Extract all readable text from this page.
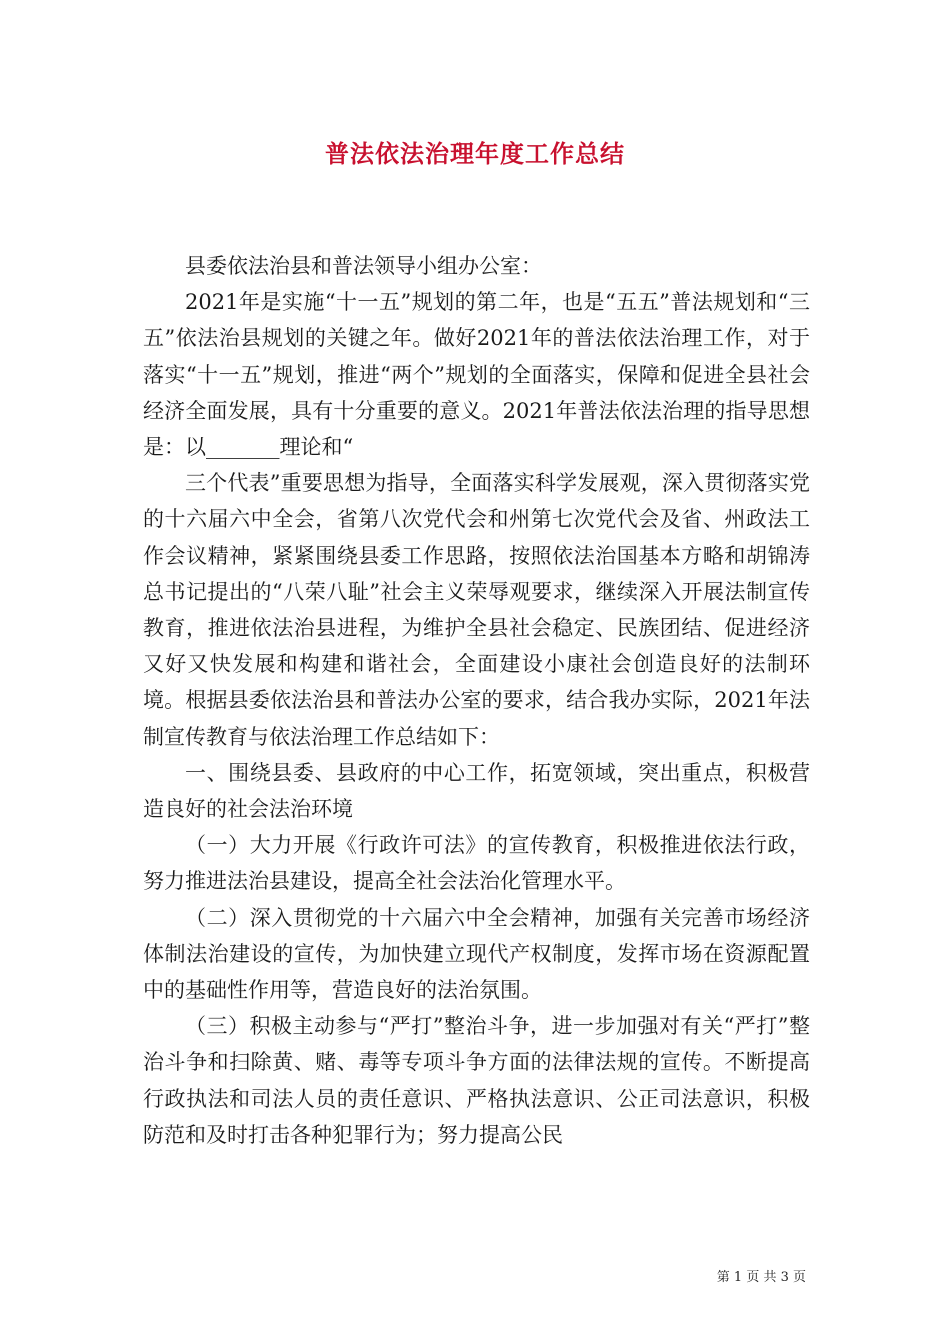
普法依法治理年度工作总结

县委依法治县和普法领导小组办公室：

2021年是实施“十一五”规划的第二年，也是“五五”普法规划和“三五”依法治县规划的关键之年。做好2021年的普法依法治理工作，对于落实“十一五”规划，推进“两个”规划的全面落实，保障和促进全县社会经济全面发展，具有十分重要的意义。2021年普法依法治理的指导思想是：以_______理论和“

三个代表”重要思想为指导，全面落实科学发展观，深入贯彻落实党的十六届六中全会，省第八次党代会和州第七次党代会及省、州政法工作会议精神，紧紧围绕县委工作思路，按照依法治国基本方略和胡锦涛总书记提出的“八荣八耻”社会主义荣辱观要求，继续深入开展法制宣传教育，推进依法治县进程，为维护全县社会稳定、民族团结、促进经济又好又快发展和构建和谐社会，全面建设小康社会创造良好的法制环境。根据县委依法治县和普法办公室的要求，结合我办实际，2021年法制宣传教育与依法治理工作总结如下：

一、围绕县委、县政府的中心工作，拓宽领域，突出重点，积极营造良好的社会法治环境

（一）大力开展《行政许可法》的宣传教育，积极推进依法行政，努力推进法治县建设，提高全社会法治化管理水平。

（二）深入贯彻党的十六届六中全会精神，加强有关完善市场经济体制法治建设的宣传，为加快建立现代产权制度，发挥市场在资源配置中的基础性作用等，营造良好的法治氛围。

（三）积极主动参与“严打”整治斗争，进一步加强对有关“严打”整治斗争和扫除黄、赌、毒等专项斗争方面的法律法规的宣传。不断提高行政执法和司法人员的责任意识、严格执法意识、公正司法意识，积极防范和及时打击各种犯罪行为；努力提高公民

第 1 页 共 3 页
